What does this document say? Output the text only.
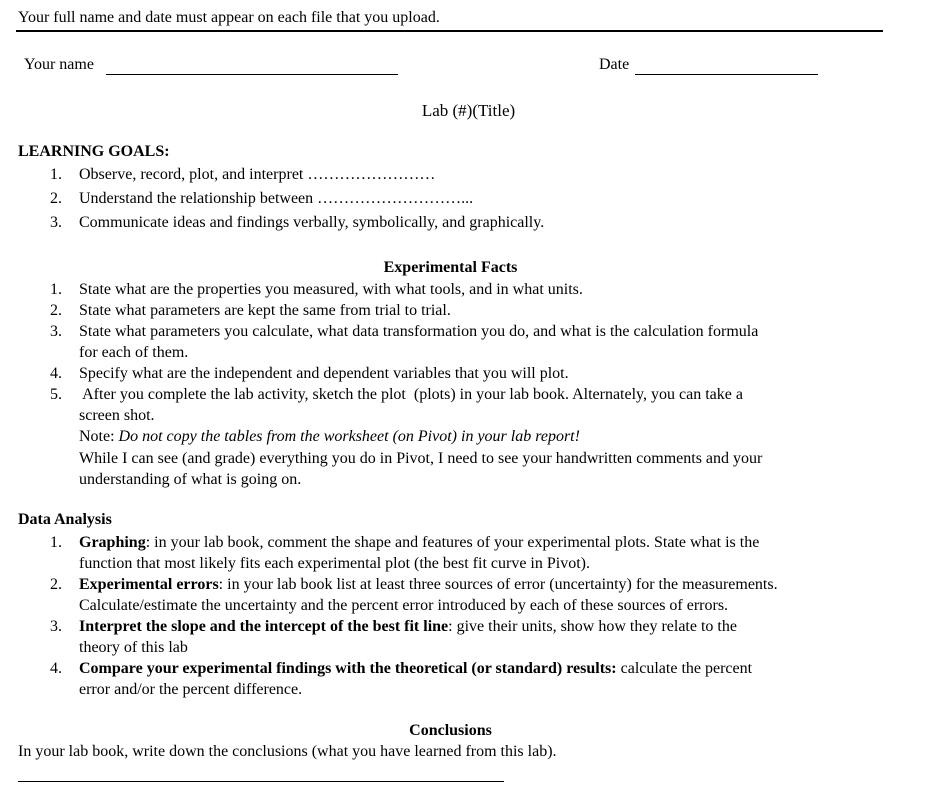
Your full name and date must appear on each file that you upload.
Your name	Date
Lab (#)(Title)
LEARNING GOALS:
1. Observe, record, plot, and interpret ……………………
2. Understand the relationship between ………………………...
3. Communicate ideas and findings verbally, symbolically, and graphically.
Experimental Facts
1. State what are the properties you measured, with what tools, and in what units.
2. State what parameters are kept the same from trial to trial.
3. State what parameters you calculate, what data transformation you do, and what is the calculation formula
for each of them.
4. Specify what are the independent and dependent variables that you will plot.
5. After you complete the lab activity, sketch the plot  (plots) in your lab book. Alternately, you can take a
screen shot.
Note: Do not copy the tables from the worksheet (on Pivot) in your lab report!
While I can see (and grade) everything you do in Pivot, I need to see your handwritten comments and your
understanding of what is going on.
Data Analysis
1. Graphing: in your lab book, comment the shape and features of your experimental plots. State what is the
function that most likely fits each experimental plot (the best fit curve in Pivot).
2. Experimental errors: in your lab book list at least three sources of error (uncertainty) for the measurements.
Calculate/estimate the uncertainty and the percent error introduced by each of these sources of errors.
3. Interpret the slope and the intercept of the best fit line: give their units, show how they relate to the
theory of this lab
4. Compare your experimental findings with the theoretical (or standard) results: calculate the percent
error and/or the percent difference.
Conclusions
In your lab book, write down the conclusions (what you have learned from this lab).
